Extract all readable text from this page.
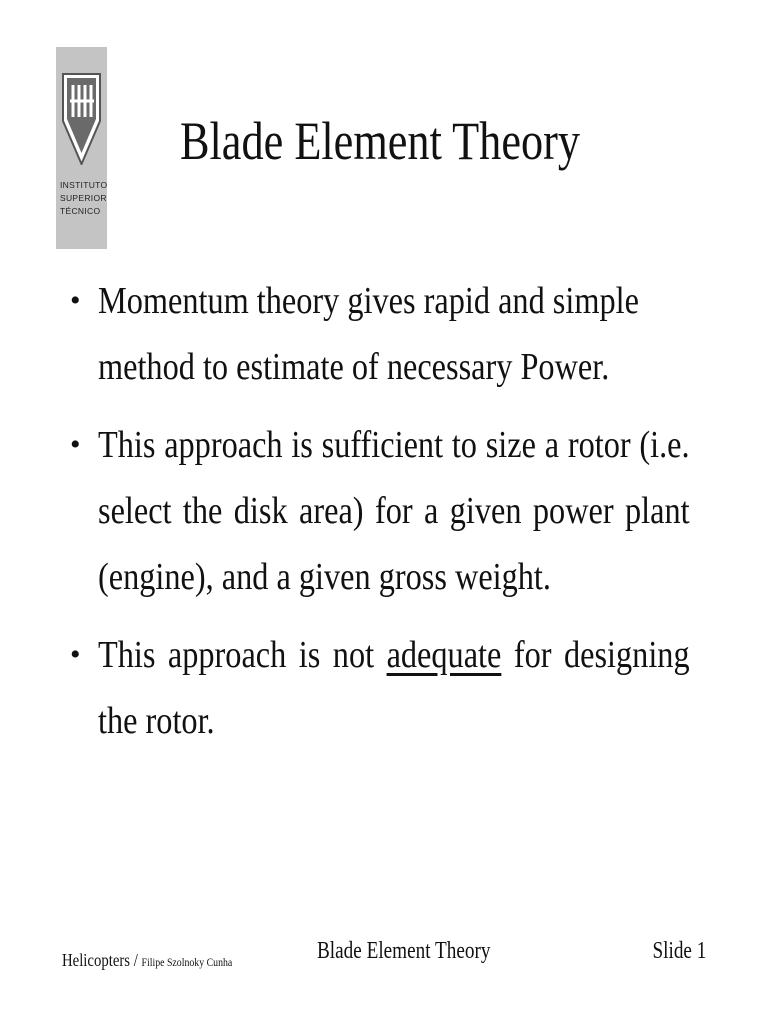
INSTITUTO
SUPERIOR
TÉCNICO
Blade Element Theory
• Momentum theory gives rapid and simple method to estimate of necessary Power.
• This approach is sufficient to size a rotor (i.e. select the disk area) for a given power plant (engine), and a given gross weight.
• This approach is not adequate for designing the rotor.
Helicopters / Filipe Szolnoky Cunha	Blade Element Theory	Slide 1
